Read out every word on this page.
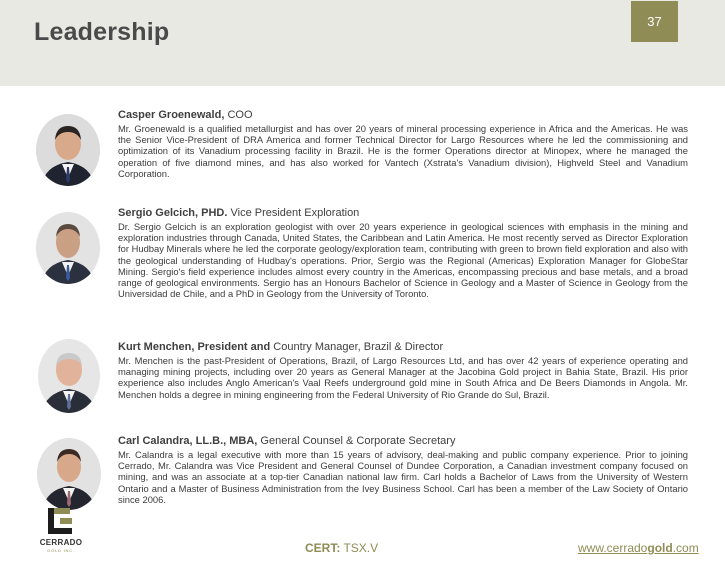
Leadership	37

Casper Groenewald, COO

Mr. Groenewald is a qualified metallurgist and has over 20 years of mineral processing experience in Africa and the Americas. He was the Senior Vice-President of DRA America and former Technical Director for Largo Resources where he led the commissioning and optimization of its Vanadium processing facility in Brazil. He is the former Operations director at Minopex, where he managed the operation of five diamond mines, and has also worked for Vantech (Xstrata's Vanadium division), Highveld Steel and Vanadium Corporation.

Sergio Gelcich, PHD. Vice President Exploration

Dr. Sergio Gelcich is an exploration geologist with over 20 years experience in geological sciences with emphasis in the mining and exploration industries through Canada, United States, the Caribbean and Latin America. He most recently served as Director Exploration for Hudbay Minerals where he led the corporate geology/exploration team, contributing with green to brown field exploration and also with the geological understanding of Hudbay's operations. Prior, Sergio was the Regional (Americas) Exploration Manager for GlobeStar Mining. Sergio's field experience includes almost every country in the Americas, encompassing precious and base metals, and a broad range of geological environments. Sergio has an Honours Bachelor of Science in Geology and a Master of Science in Geology from the Universidad de Chile, and a PhD in Geology from the University of Toronto.

Kurt Menchen, President and Country Manager, Brazil & Director

Mr. Menchen is the past-President of Operations, Brazil, of Largo Resources Ltd, and has over 42 years of experience operating and managing mining projects, including over 20 years as General Manager at the Jacobina Gold project in Bahia State, Brazil. His prior experience also includes Anglo American's Vaal Reefs underground gold mine in South Africa and De Beers Diamonds in Angola. Mr. Menchen holds a degree in mining engineering from the Federal University of Rio Grande do Sul, Brazil.

Carl Calandra, LL.B., MBA, General Counsel & Corporate Secretary

Mr. Calandra is a legal executive with more than 15 years of advisory, deal-making and public company experience. Prior to joining Cerrado, Mr. Calandra was Vice President and General Counsel of Dundee Corporation, a Canadian investment company focused on mining, and was an associate at a top-tier Canadian national law firm. Carl holds a Bachelor of Laws from the University of Western Ontario and a Master of Business Administration from the Ivey Business School. Carl has been a member of the Law Society of Ontario since 2006.

CERRADO
GOLD INC.	CERT: TSX.V	www.cerradogold.com
